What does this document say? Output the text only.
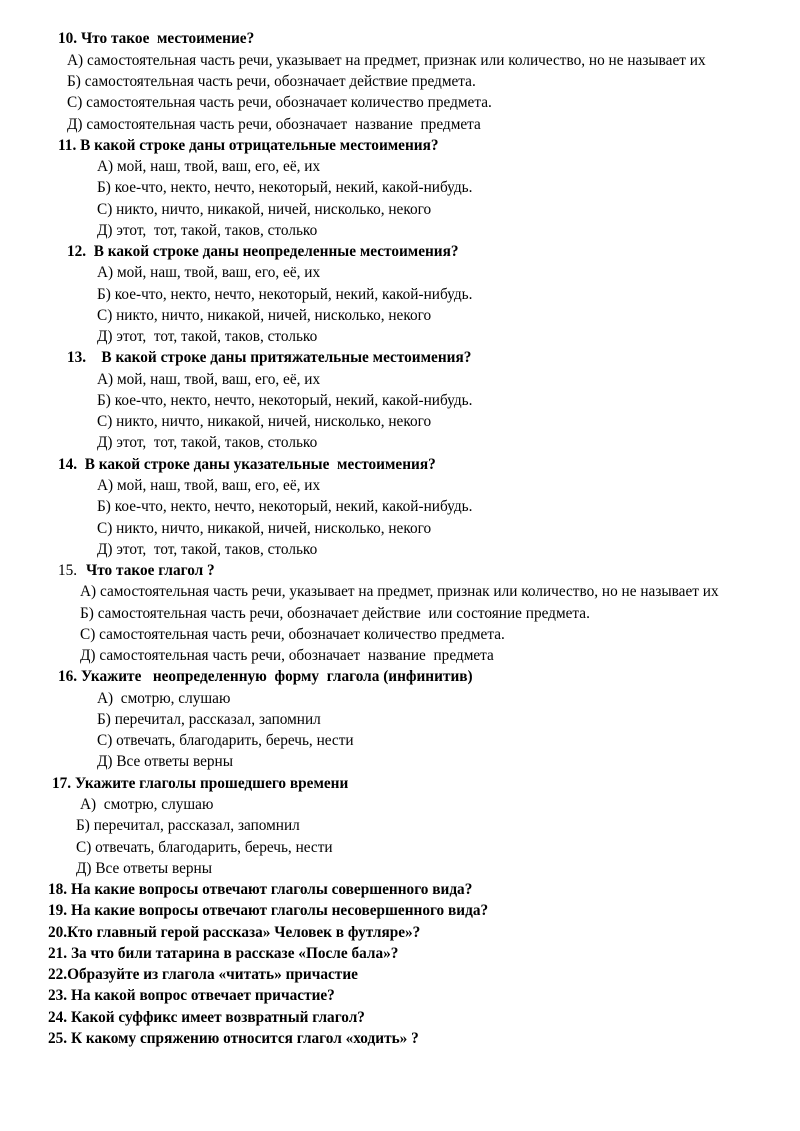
10. Что такое  местоимение?
А) самостоятельная часть речи, указывает на предмет, признак или количество, но не называет их
Б) самостоятельная часть речи, обозначает действие предмета.
С) самостоятельная часть речи, обозначает количество предмета.
Д) самостоятельная часть речи, обозначает  название  предмета
11. В какой строке даны отрицательные местоимения?
А) мой, наш, твой, ваш, его, её, их
Б) кое-что, некто, нечто, некоторый, некий, какой-нибудь.
С) никто, ничто, никакой, ничей, нисколько, некого
Д) этот,  тот, такой, таков, столько
12.  В какой строке даны неопределенные местоимения?
А) мой, наш, твой, ваш, его, её, их
Б) кое-что, некто, нечто, некоторый, некий, какой-нибудь.
С) никто, ничто, никакой, ничей, нисколько, некого
Д) этот,  тот, такой, таков, столько
13.    В какой строке даны притяжательные местоимения?
А) мой, наш, твой, ваш, его, её, их
Б) кое-что, некто, нечто, некоторый, некий, какой-нибудь.
С) никто, ничто, никакой, ничей, нисколько, некого
Д) этот,  тот, такой, таков, столько
14.  В какой строке даны указательные  местоимения?
А) мой, наш, твой, ваш, его, её, их
Б) кое-что, некто, нечто, некоторый, некий, какой-нибудь.
С) никто, ничто, никакой, ничей, нисколько, некого
Д) этот,  тот, такой, таков, столько
15. Что такое глагол ?
А) самостоятельная часть речи, указывает на предмет, признак или количество, но не называет их
Б) самостоятельная часть речи, обозначает действие  или состояние предмета.
С) самостоятельная часть речи, обозначает количество предмета.
Д) самостоятельная часть речи, обозначает  название  предмета
16. Укажите   неопределенную  форму  глагола (инфинитив)
А)  смотрю, слушаю
Б) перечитал, рассказал, запомнил
С) отвечать, благодарить, беречь, нести
Д) Все ответы верны
17. Укажите глаголы прошедшего времени
А)  смотрю, слушаю
Б) перечитал, рассказал, запомнил
С) отвечать, благодарить, беречь, нести
Д) Все ответы верны
18. На какие вопросы отвечают глаголы совершенного вида?
19. На какие вопросы отвечают глаголы несовершенного вида?
20.Кто главный герой рассказа» Человек в футляре»?
21. За что били татарина в рассказе «После бала»?
22.Образуйте из глагола «читать» причастие
23. На какой вопрос отвечает причастие?
24. Какой суффикс имеет возвратный глагол?
25. К какому спряжению относится глагол «ходить» ?
